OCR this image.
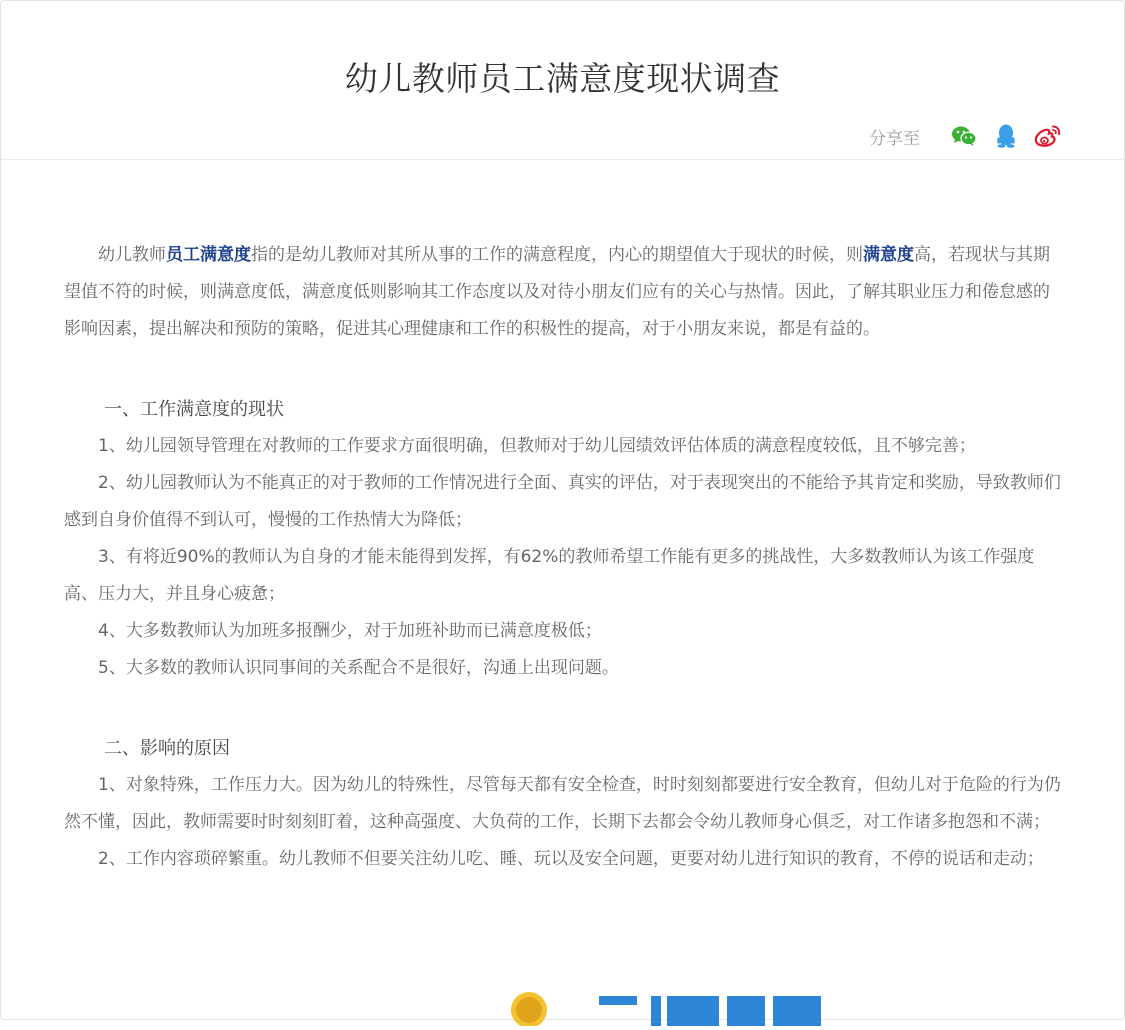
幼儿教师员工满意度现状调查
分享至

幼儿教师员工满意度指的是幼儿教师对其所从事的工作的满意程度，内心的期望值大于现状的时候，则满意度高，若现状与其期望值不符的时候，则满意度低，满意度低则影响其工作态度以及对待小朋友们应有的关心与热情。因此，了解其职业压力和倦怠感的影响因素，提出解决和预防的策略，促进其心理健康和工作的积极性的提高，对于小朋友来说，都是有益的。

一、工作满意度的现状

1、幼儿园领导管理在对教师的工作要求方面很明确，但教师对于幼儿园绩效评估体质的满意程度较低，且不够完善；

2、幼儿园教师认为不能真正的对于教师的工作情况进行全面、真实的评估，对于表现突出的不能给予其肯定和奖励，导致教师们感到自身价值得不到认可，慢慢的工作热情大为降低；

3、有将近90%的教师认为自身的才能未能得到发挥，有62%的教师希望工作能有更多的挑战性，大多数教师认为该工作强度高、压力大，并且身心疲惫；

4、大多数教师认为加班多报酬少，对于加班补助而已满意度极低；

5、大多数的教师认识同事间的关系配合不是很好，沟通上出现问题。

二、影响的原因

1、对象特殊，工作压力大。因为幼儿的特殊性，尽管每天都有安全检查，时时刻刻都要进行安全教育，但幼儿对于危险的行为仍然不懂，因此，教师需要时时刻刻盯着，这种高强度、大负荷的工作，长期下去都会令幼儿教师身心俱乏，对工作诸多抱怨和不满；

2、工作内容琐碎繁重。幼儿教师不但要关注幼儿吃、睡、玩以及安全问题，更要对幼儿进行知识的教育，不停的说话和走动；
